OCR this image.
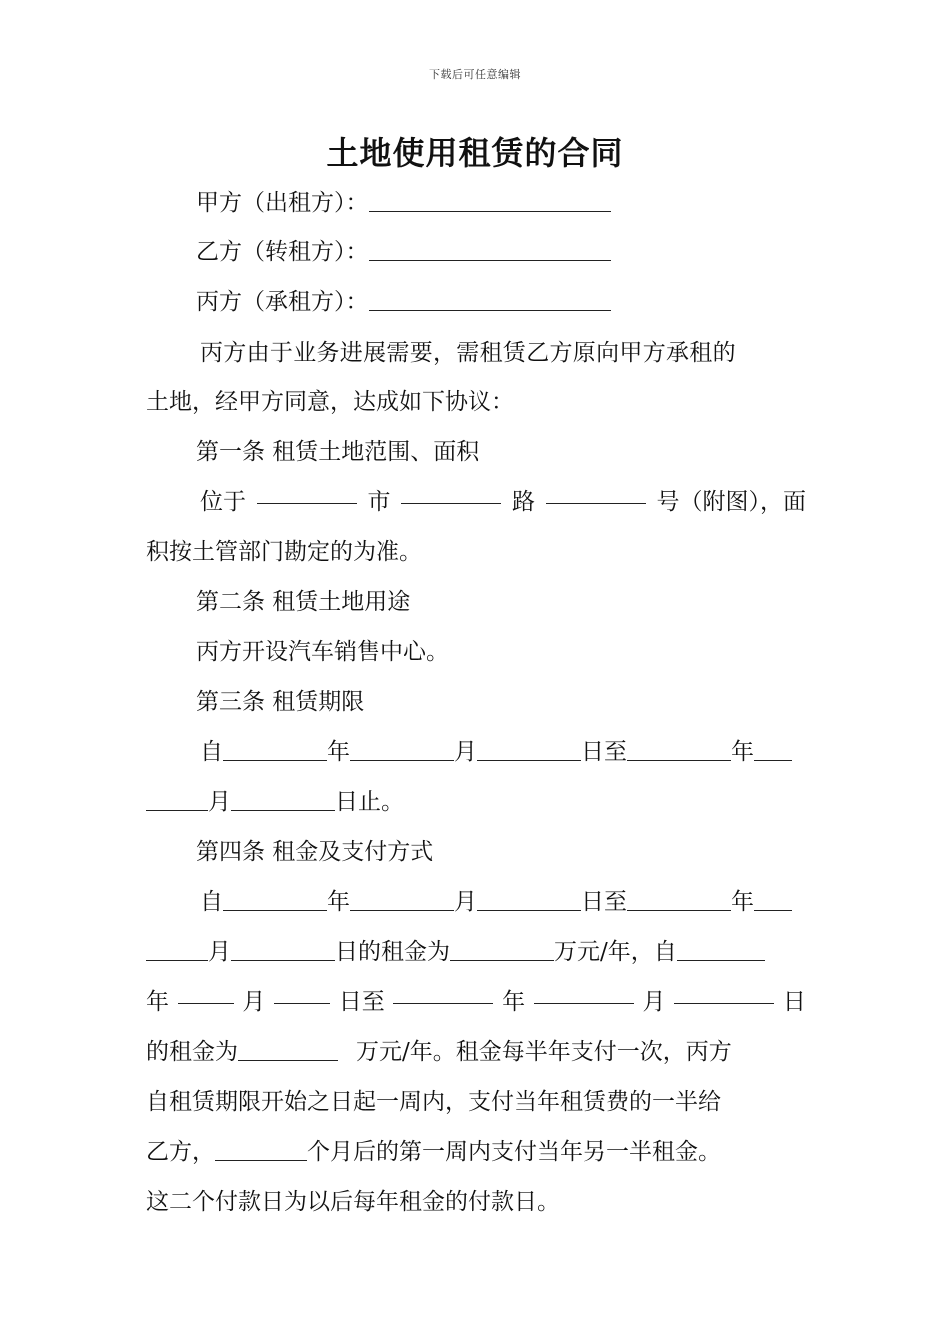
下载后可任意编辑
土地使用租赁的合同
甲方（出租方）：
乙方（转租方）：
丙方（承租方）：
丙方由于业务进展需要，需租赁乙方原向甲方承租的
土地，经甲方同意，达成如下协议：
第一条 租赁土地范围、面积
位于	市	路	号（附图），面
积按土管部门勘定的为准。
第二条 租赁土地用途
丙方开设汽车销售中心。
第三条 租赁期限
自	年	月	日至	年
月	日止。
第四条 租金及支付方式
自	年	月	日至	年
月	日的租金为	万元/年，自
年	月	日至	年	月	日
的租金为	万元/年。租金每半年支付一次，丙方
自租赁期限开始之日起一周内，支付当年租赁费的一半给
乙方，	个月后的第一周内支付当年另一半租金。
这二个付款日为以后每年租金的付款日。
